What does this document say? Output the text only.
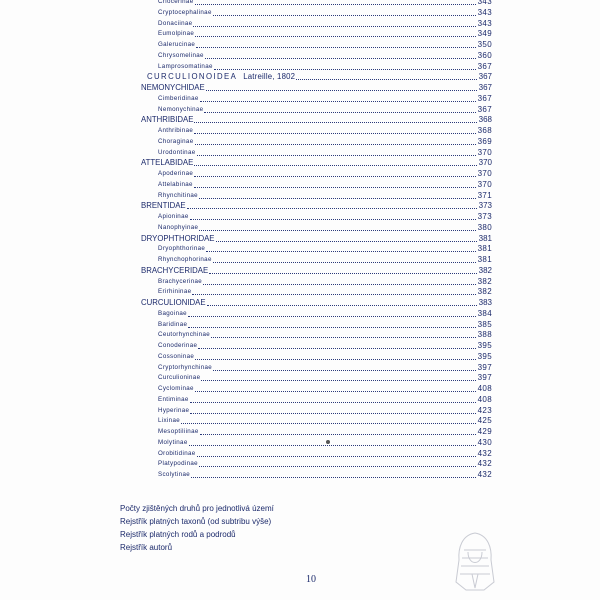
Criocerinae	343
Cryptocephalinae	343
Donaciinae	343
Eumolpinae	349
Galerucinae	350
Chrysomelinae	360
Lamprosomatinae	367
CURCULIONOIDEA Latreille, 1802	367
NEMONYCHIDAE	367
Cimberidinae	367
Nemonychinae	367
ANTHRIBIDAE	368
Anthribinae	368
Choraginae	369
Urodontinae	370
ATTELABIDAE	370
Apoderinae	370
Attelabinae	370
Rhynchitinae	371
BRENTIDAE	373
Apioninae	373
Nanophyinae	380
DRYOPHTHORIDAE	381
Dryophthorinae	381
Rhynchophorinae	381
BRACHYCERIDAE	382
Brachycerinae	382
Erirhininae	382
CURCULIONIDAE	383
Bagoinae	384
Baridinae	385
Ceutorhynchinae	388
Conoderinae	395
Cossoninae	395
Cryptorhynchinae	397
Curculioninae	397
Cyclominae	408
Entiminae	408
Hyperinae	423
Lixinae	425
Mesoptiliinae	429
Molytinae	430
Orobitidinae	432
Platypodinae	432
Scolytinae	432
Počty zjištěných druhů pro jednotlivá území
Rejstřík platných taxonů (od subtribu výše)
Rejstřík platných rodů a podrodů
Rejstřík autorů
10
